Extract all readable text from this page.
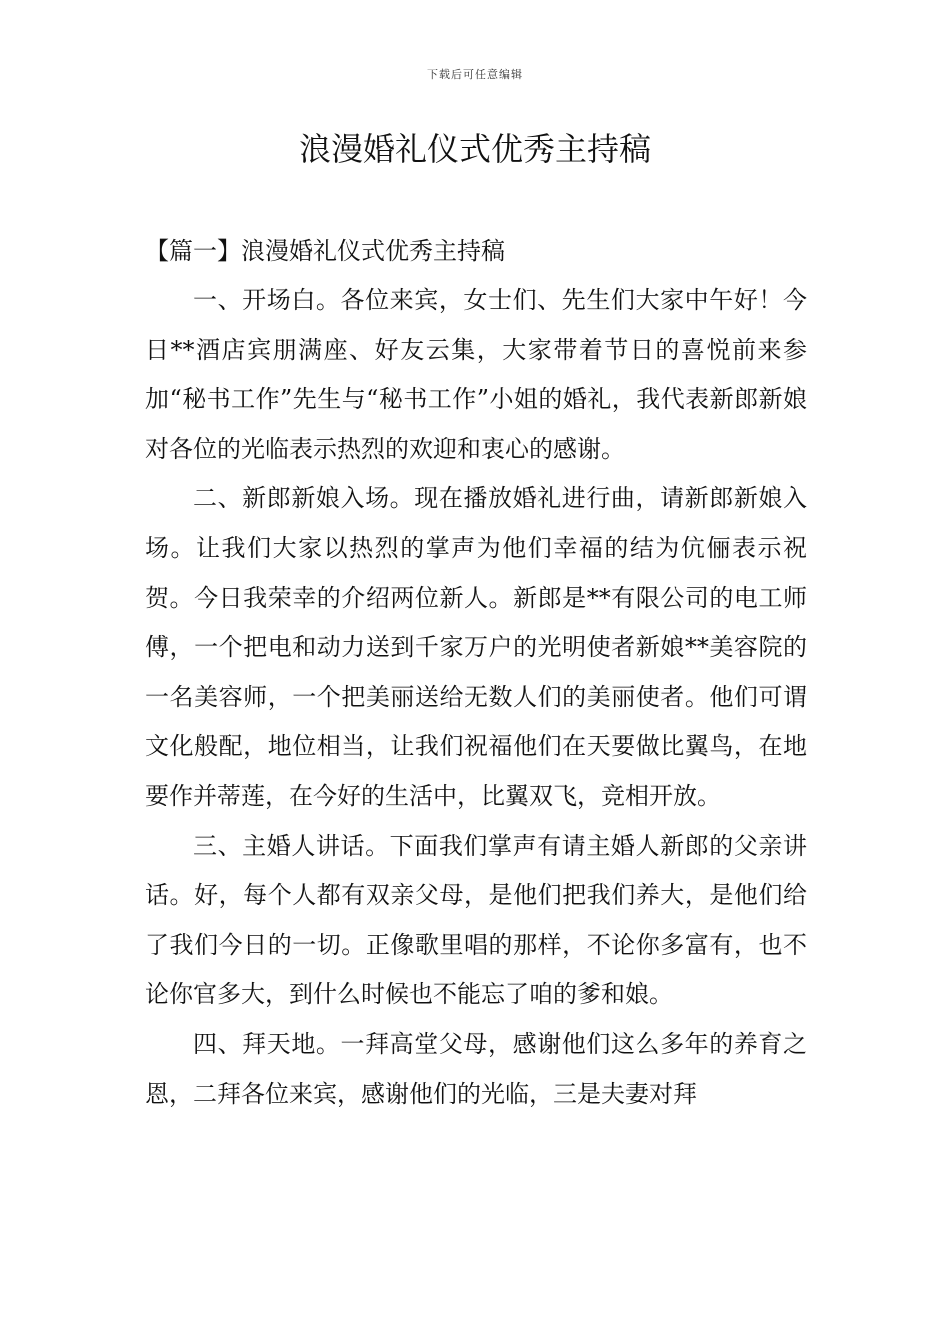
下载后可任意编辑
浪漫婚礼仪式优秀主持稿
【篇一】浪漫婚礼仪式优秀主持稿

一、开场白。各位来宾，女士们、先生们大家中午好！今日**酒店宾朋满座、好友云集，大家带着节日的喜悦前来参加“秘书工作”先生与“秘书工作”小姐的婚礼，我代表新郎新娘对各位的光临表示热烈的欢迎和衷心的感谢。

二、新郎新娘入场。现在播放婚礼进行曲，请新郎新娘入场。让我们大家以热烈的掌声为他们幸福的结为伉俪表示祝贺。今日我荣幸的介绍两位新人。新郎是**有限公司的电工师傅，一个把电和动力送到千家万户的光明使者新娘**美容院的一名美容师，一个把美丽送给无数人们的美丽使者。他们可谓文化般配，地位相当，让我们祝福他们在天要做比翼鸟，在地要作并蒂莲，在今好的生活中，比翼双飞，竞相开放。

三、主婚人讲话。下面我们掌声有请主婚人新郎的父亲讲话。好，每个人都有双亲父母，是他们把我们养大，是他们给了我们今日的一切。正像歌里唱的那样，不论你多富有，也不论你官多大，到什么时候也不能忘了咱的爹和娘。

四、拜天地。一拜高堂父母，感谢他们这么多年的养育之恩，二拜各位来宾，感谢他们的光临，三是夫妻对拜
